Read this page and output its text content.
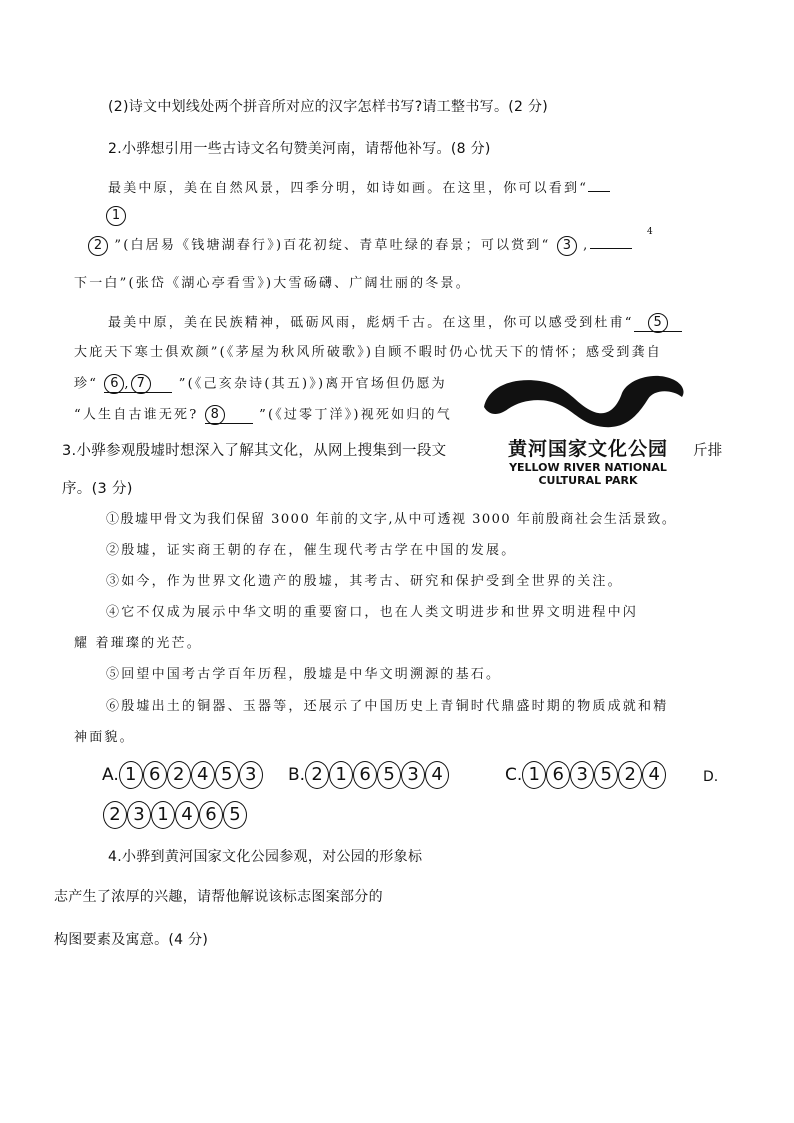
(2)诗文中划线处两个拼音所对应的汉字怎样书写?请工整书写。(2 分)
2.小骅想引用一些古诗文名句赞美河南，请帮他补写。(8 分)
最美中原，美在自然风景，四季分明，如诗如画。在这里，你可以看到“
1
2 ”(白居易《钱塘湖春行》)百花初绽、青草吐绿的春景；可以赏到“ 3 ,
4
下一白”(张岱《湖心亭看雪》)大雪砀礴、广阔壮丽的冬景。
最美中原，美在民族精神，砥砺风雨，彪炳千古。在这里，你可以感受到杜甫“ 5
大庇天下寒士俱欢颜”(《茅屋为秋风所破歌》)自顾不暇时仍心忧天下的情怀；感受到龚自
珍“ 6 , 7	”(《己亥杂诗(其五)》)离开官场但仍愿为
“人生自古谁无死? 8	”(《过零丁洋》)视死如归的气
黄河国家文化公园
YELLOW RIVER NATIONAL
CULTURAL PARK
3.小骅参观殷墟时想深入了解其文化，从网上搜集到一段文	斤排
序。(3 分)
①殷墟甲骨文为我们保留 3000 年前的文字,从中可透视 3000 年前殷商社会生活景致。
②殷墟，证实商王朝的存在，催生现代考古学在中国的发展。
③如今，作为世界文化遗产的殷墟，其考古、研究和保护受到全世界的关注。
④它不仅成为展示中华文明的重要窗口，也在人类文明进步和世界文明进程中闪
耀 着璀璨的光芒。
⑤回望中国考古学百年历程，殷墟是中华文明溯源的基石。
⑥殷墟出土的铜器、玉器等，还展示了中国历史上青铜时代鼎盛时期的物质成就和精
神面貌。
A. 1 6 2 4 5 3	B. 2 1 6 5 3 4	C. 1 6 3 5 2 4	D.
2 3 1 4 6 5
4.小骅到黄河国家文化公园参观，对公园的形象标
志产生了浓厚的兴趣，请帮他解说该标志图案部分的
构图要素及寓意。(4 分)
